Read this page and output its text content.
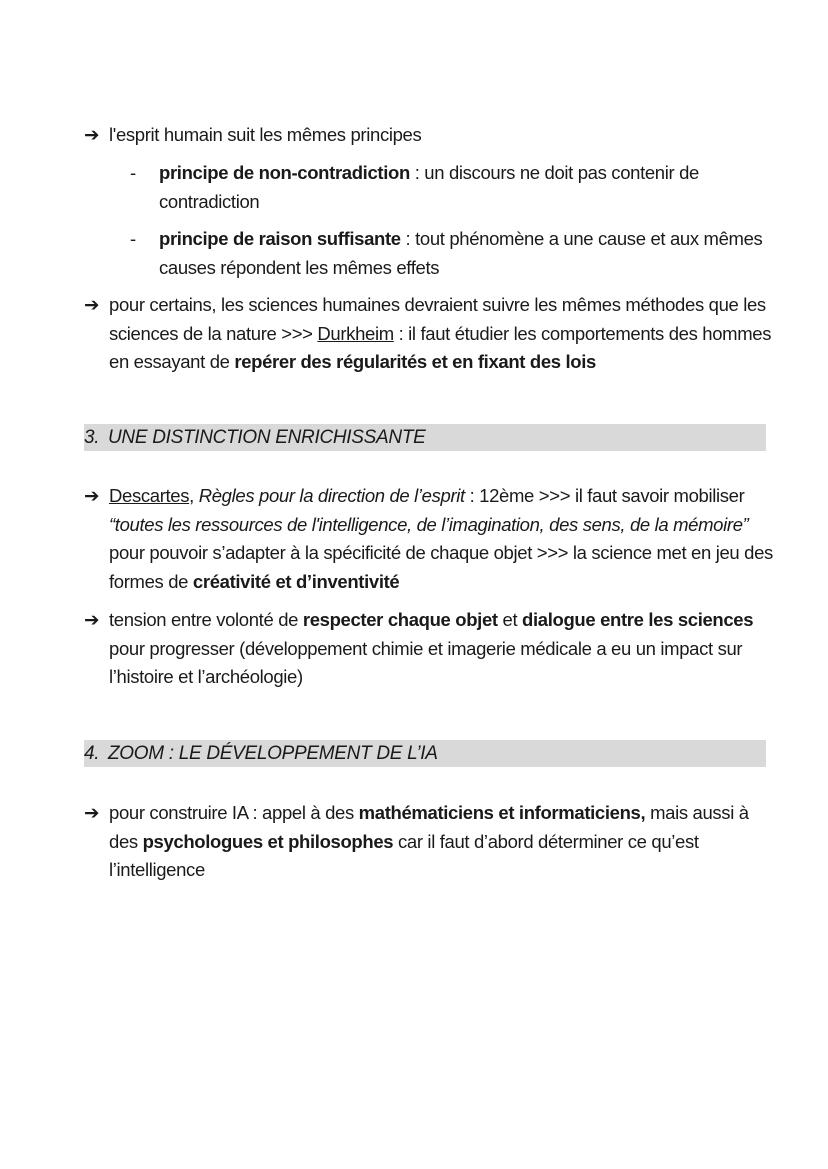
➔ l'esprit humain suit les mêmes principes
- principe de non-contradiction : un discours ne doit pas contenir de contradiction
- principe de raison suffisante : tout phénomène a une cause et aux mêmes causes répondent les mêmes effets
➔ pour certains, les sciences humaines devraient suivre les mêmes méthodes que les sciences de la nature >>> Durkheim : il faut étudier les comportements des hommes en essayant de repérer des régularités et en fixant des lois
3. UNE DISTINCTION ENRICHISSANTE
➔ Descartes, Règles pour la direction de l’esprit : 12ème >>> il faut savoir mobiliser “toutes les ressources de l'intelligence, de l’imagination, des sens, de la mémoire” pour pouvoir s’adapter à la spécificité de chaque objet >>> la science met en jeu des formes de créativité et d’inventivité
➔ tension entre volonté de respecter chaque objet et dialogue entre les sciences pour progresser (développement chimie et imagerie médicale a eu un impact sur l’histoire et l’archéologie)
4. ZOOM : LE DÉVELOPPEMENT DE L’IA
➔ pour construire IA : appel à des mathématiciens et informaticiens, mais aussi à des psychologues et philosophes car il faut d’abord déterminer ce qu’est l’intelligence
